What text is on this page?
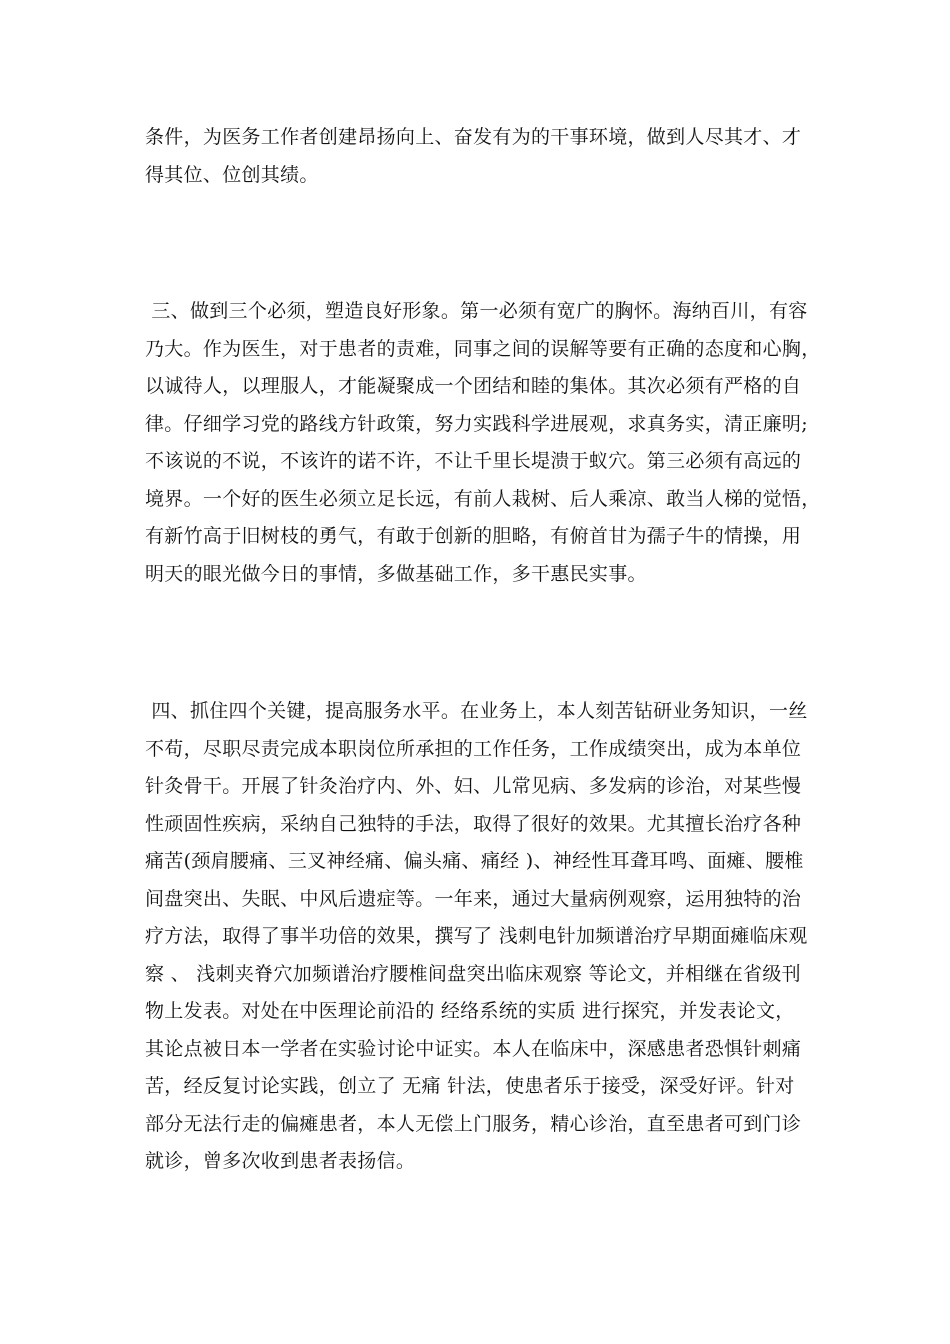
条件，为医务工作者创建昂扬向上、奋发有为的干事环境，做到人尽其才、才
得其位、位创其绩。

三、做到三个必须，塑造良好形象。第一必须有宽广的胸怀。海纳百川，有容
乃大。作为医生，对于患者的责难，同事之间的误解等要有正确的态度和心胸，
以诚待人，以理服人，才能凝聚成一个团结和睦的集体。其次必须有严格的自
律。仔细学习党的路线方针政策，努力实践科学进展观，求真务实，清正廉明;
不该说的不说，不该许的诺不许，不让千里长堤溃于蚁穴。第三必须有高远的
境界。一个好的医生必须立足长远，有前人栽树、后人乘凉、敢当人梯的觉悟，
有新竹高于旧树枝的勇气，有敢于创新的胆略，有俯首甘为孺子牛的情操，用
明天的眼光做今日的事情，多做基础工作，多干惠民实事。

四、抓住四个关键，提高服务水平。在业务上，本人刻苦钻研业务知识，一丝
不苟，尽职尽责完成本职岗位所承担的工作任务，工作成绩突出，成为本单位
针灸骨干。开展了针灸治疗内、外、妇、儿常见病、多发病的诊治，对某些慢
性顽固性疾病，采纳自己独特的手法，取得了很好的效果。尤其擅长治疗各种
痛苦(颈肩腰痛、三叉神经痛、偏头痛、痛经 )、神经性耳聋耳鸣、面瘫、腰椎
间盘突出、失眠、中风后遗症等。一年来，通过大量病例观察，运用独特的治
疗方法，取得了事半功倍的效果，撰写了 浅刺电针加频谱治疗早期面瘫临床观
察 、 浅刺夹脊穴加频谱治疗腰椎间盘突出临床观察 等论文，并相继在省级刊
物上发表。对处在中医理论前沿的 经络系统的实质 进行探究，并发表论文，
其论点被日本一学者在实验讨论中证实。本人在临床中，深感患者恐惧针刺痛
苦，经反复讨论实践，创立了 无痛 针法，使患者乐于接受，深受好评。针对
部分无法行走的偏瘫患者，本人无偿上门服务，精心诊治，直至患者可到门诊
就诊，曾多次收到患者表扬信。
